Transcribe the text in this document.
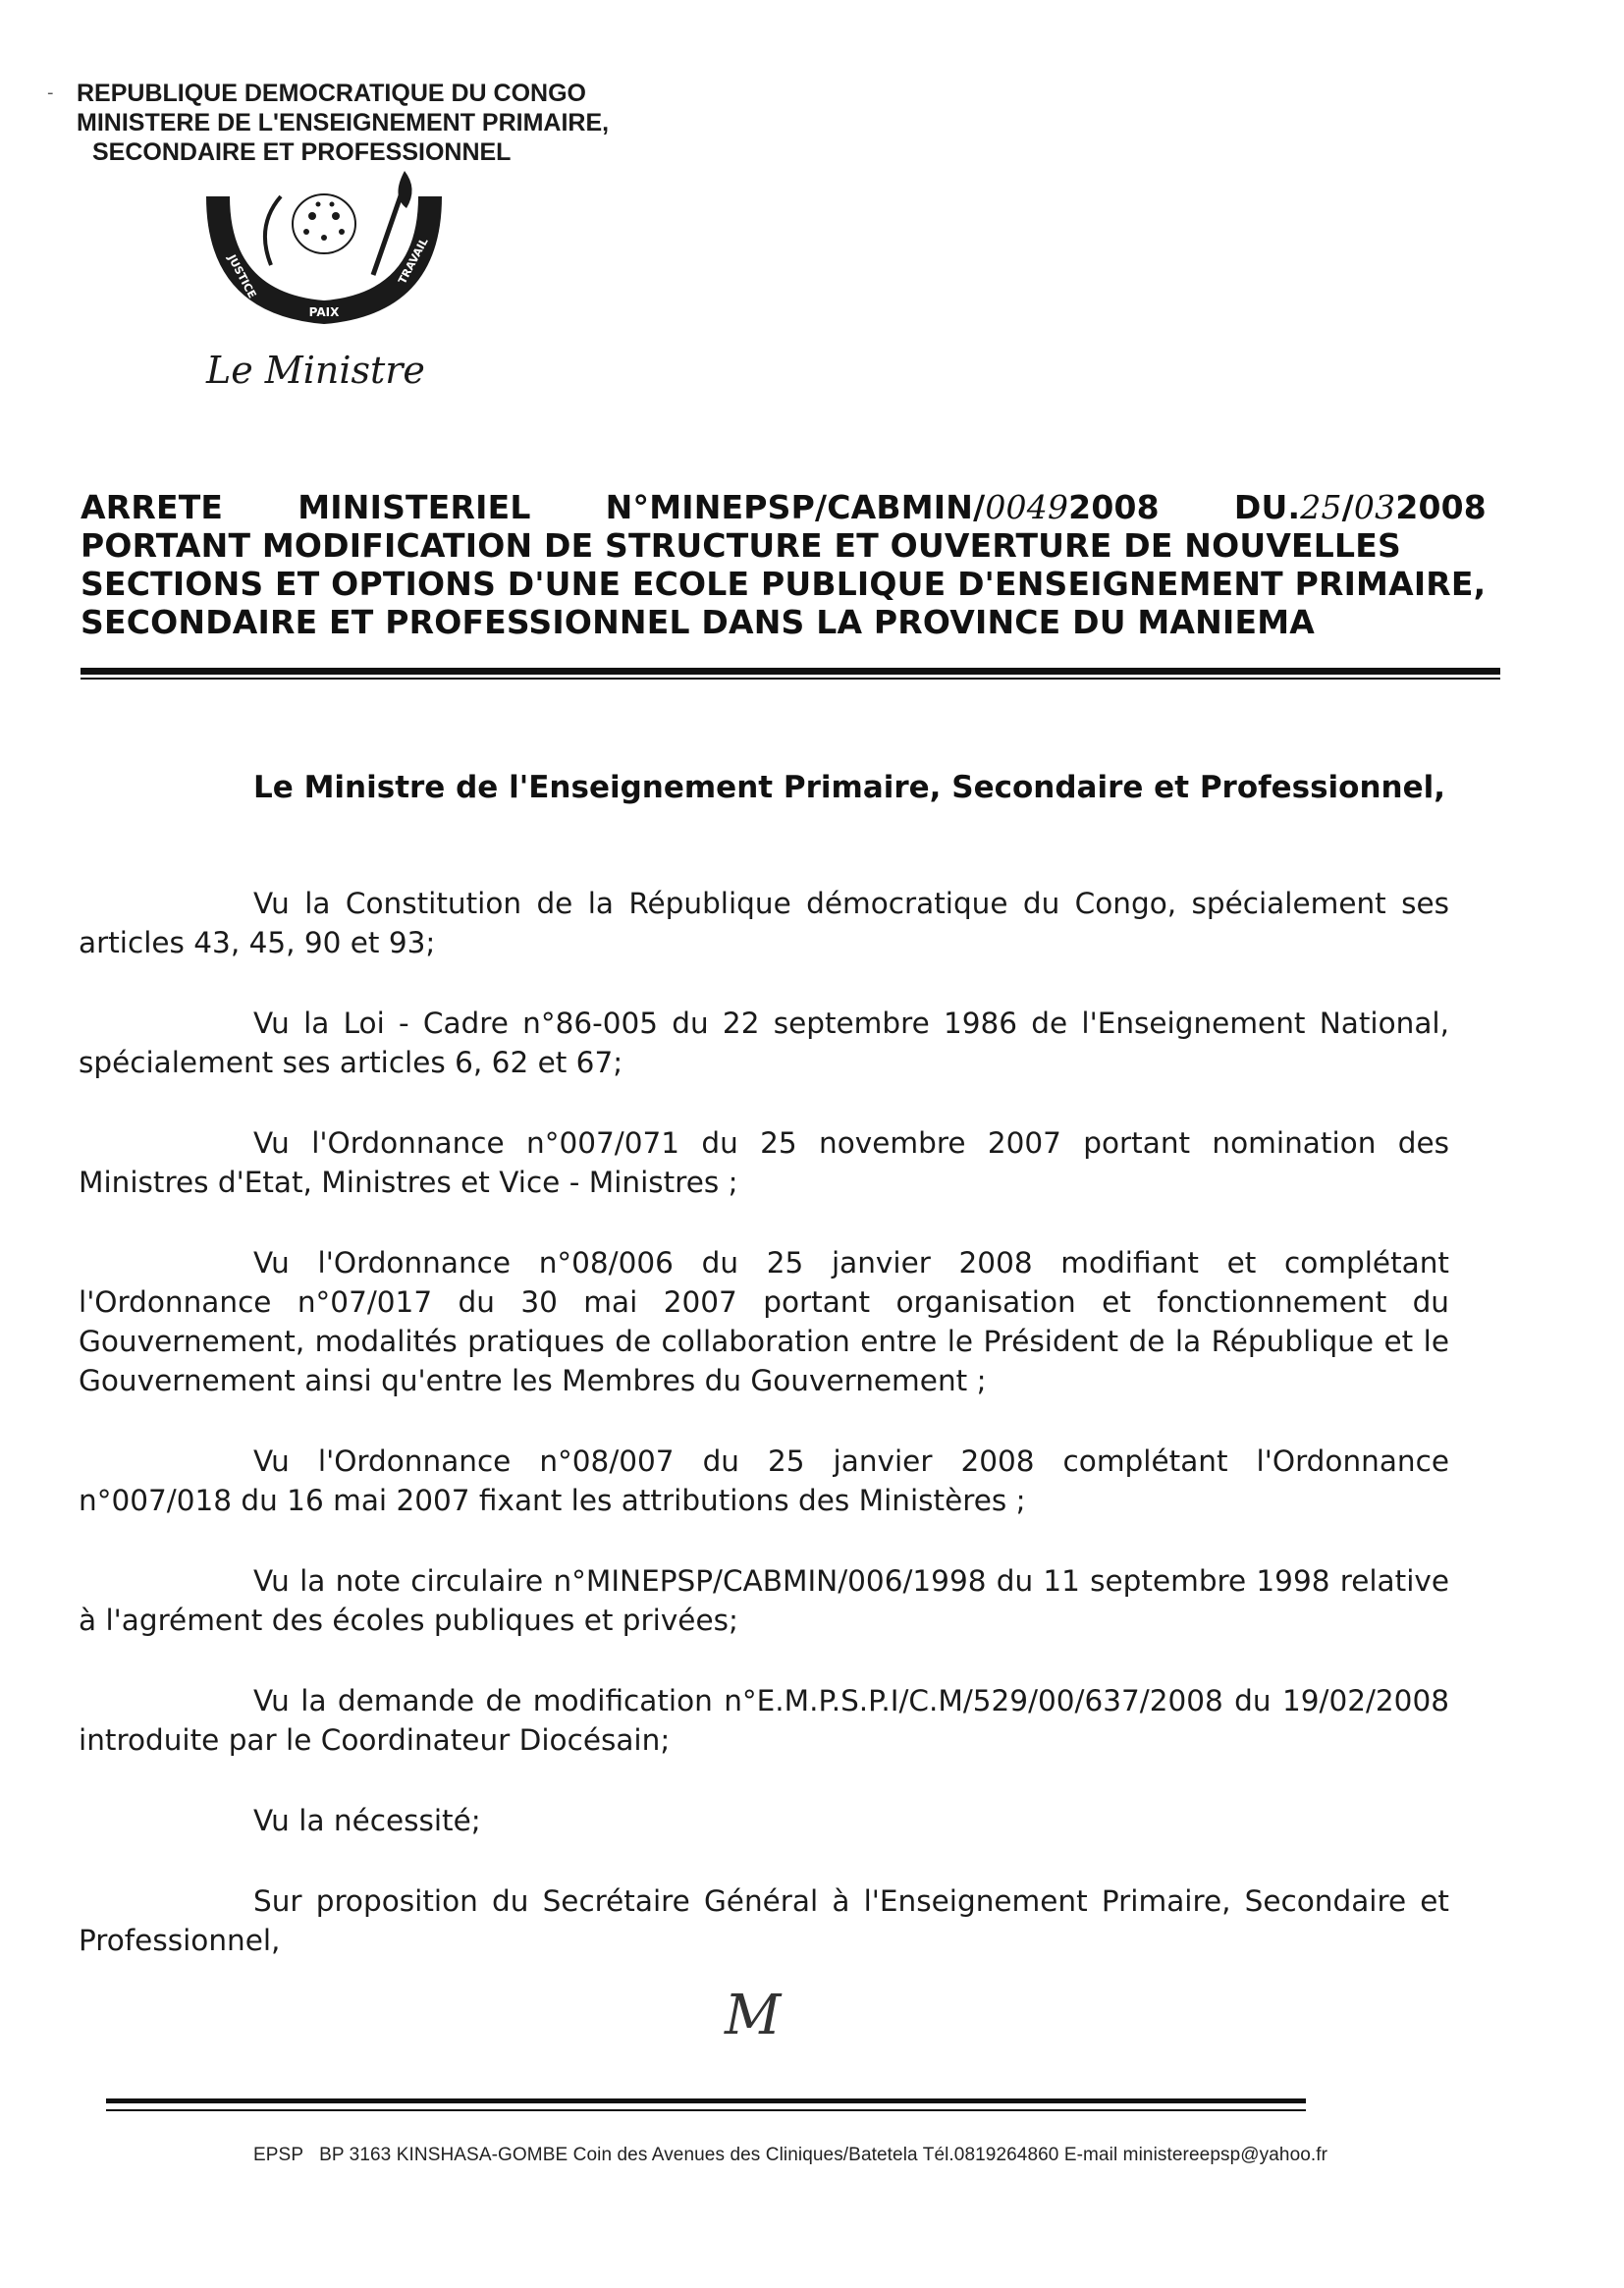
- REPUBLIQUE DEMOCRATIQUE DU CONGO
MINISTERE DE L'ENSEIGNEMENT PRIMAIRE,
SECONDAIRE ET PROFESSIONNEL
JUSTICE
PAIX
TRAVAIL
Le Ministre
ARRETE MINISTERIEL N°MINEPSP/CABMIN/00492008 DU.25/032008
PORTANT MODIFICATION DE STRUCTURE ET OUVERTURE DE NOUVELLES
SECTIONS ET OPTIONS D'UNE ECOLE PUBLIQUE D'ENSEIGNEMENT PRIMAIRE,
SECONDAIRE ET PROFESSIONNEL DANS LA PROVINCE DU MANIEMA
Le Ministre de l'Enseignement Primaire, Secondaire et Professionnel,

Vu la Constitution de la République démocratique du Congo, spécialement ses articles 43, 45, 90 et 93;

Vu la Loi - Cadre n°86-005 du 22 septembre 1986 de l'Enseignement National, spécialement ses articles 6, 62 et 67;

Vu l'Ordonnance n°007/071 du 25 novembre 2007 portant nomination des Ministres d'Etat, Ministres et Vice - Ministres ;

Vu l'Ordonnance n°08/006 du 25 janvier 2008 modifiant et complétant l'Ordonnance n°07/017 du 30 mai 2007 portant organisation et fonctionnement du Gouvernement, modalités pratiques de collaboration entre le Président de la République et le Gouvernement ainsi qu'entre les Membres du Gouvernement ;

Vu l'Ordonnance n°08/007 du 25 janvier 2008 complétant l'Ordonnance n°007/018 du 16 mai 2007 fixant les attributions des Ministères ;

Vu la note circulaire n°MINEPSP/CABMIN/006/1998 du 11 septembre 1998 relative à l'agrément des écoles publiques et privées;

Vu la demande de modification n°E.M.P.S.P.I/C.M/529/00/637/2008 du 19/02/2008 introduite par le Coordinateur Diocésain;

Vu la nécessité;

Sur proposition du Secrétaire Général à l'Enseignement Primaire, Secondaire et Professionnel,

M
EPSP BP 3163 KINSHASA-GOMBE Coin des Avenues des Cliniques/Batetela Tél.0819264860 E-mail ministereepsp@yahoo.fr
